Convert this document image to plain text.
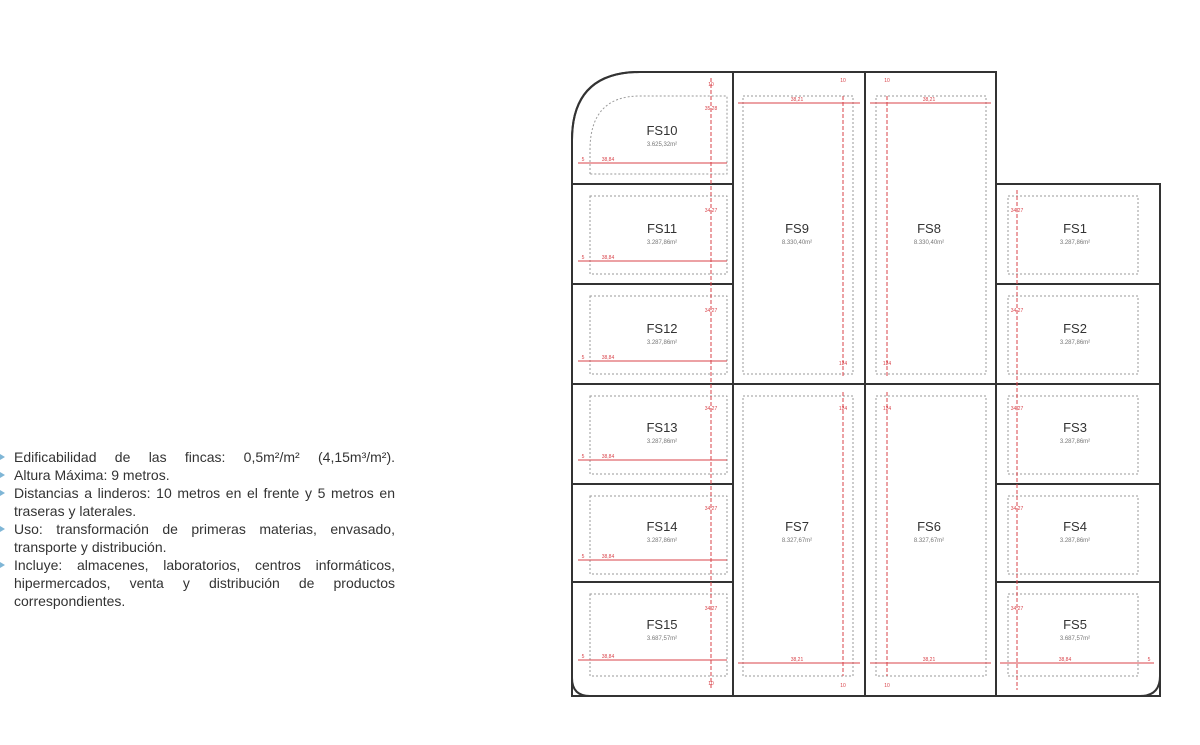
Edificabilidad de las fincas: 0,5m²/m² (4,15m³/m²).
Altura Máxima: 9 metros.
Distancias a linderos: 10 metros en el frente y 5 metros en traseras y laterales.
Uso: transformación de primeras materias, envasado, transporte y distribución.
Incluye: almacenes, laboratorios, centros informáticos, hipermercados, venta y distribución de productos correspondientes.
FS10
3.625,32m²
FS11
3.287,86m²
FS12
3.287,86m²
FS13
3.287,86m²
FS14
3.287,86m²
FS15
3.687,57m²
FS9
8.330,40m²
FS8
8.330,40m²
FS7
8.327,67m²
FS6
8.327,67m²
FS1
3.287,86m²
FS2
3.287,86m²
FS3
3.287,86m²
FS4
3.287,86m²
FS5
3.687,57m²
38,84
5
38,84
5
38,84
5
38,84
5
38,84
5
38,84
5
10
35,28
34,27
34,27
34,27
34,27
34,27
10
34,27
34,27
34,27
34,27
34,27
38,84	5
38,21	38,21
10	10
124	124
124	124
38,21	38,21
10	10
